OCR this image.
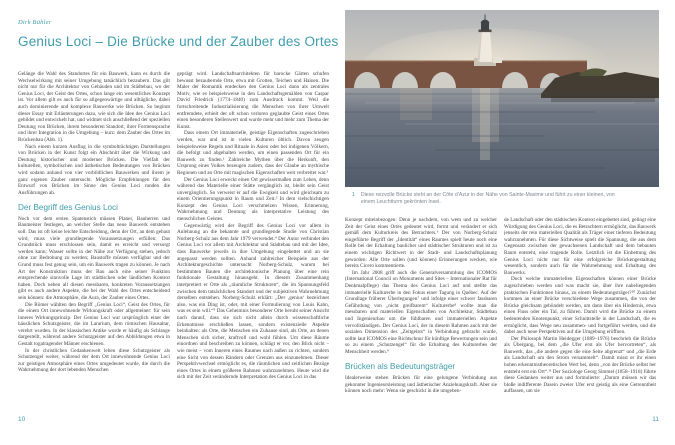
Dirk Bühler
Genius Loci – Die Brücke und der Zauber des Ortes

Gelänge die Wahl des Standortes für ein Bauwerk, kann es durch die Wechselwirkung mit seiner Umgebung tatsächlich bezaubern. Das gilt nicht nur für die Architektur von Gebäuden und im Städtebau, wo der Genius Loci, der Geist des Ortes, schon lange ein wesentliches Konzept ist. Vor allem gilt es auch für so allgegenwärtige und alltägliche, dabei auch dominierende und komplexe Bauwerke wie Brücken. So beginnt dieser Essay mit Erläuterungen dazu, wie sich die Idee des Genius Loci gebildet und entwickelt hat, und widmet sich anschließend der speziellen Deutung von Brücken, ihrem besonderen Standort, ihrer Formensprache und ihrer Integration in die Umgebung – kurz: dem Zauber des Ortes im Brückenbau (Abb. 1).

Nach einem kurzen Ausflug in die symbolträchtigen Darstellungen von Brücken in der Kunst folgt ein Abschnitt über die Wirkung und Deutung historischer und moderner Brücken. Die Vielfalt der kulturellen, symbolischen und ästhetischen Bedeutungen von Brücken wird sodann anhand von vier vorbildlichen Bauwerken und ihrem je ganz eigenen Zauber untersucht. Mögliche Empfehlungen für den Entwurf von Brücken im Sinne des Genius Loci runden die Ausführungen ab.

Der Begriff des Genius Loci

Noch vor dem ersten Spatenstich müssen Planer, Bauherren und Baumeister festlegen, an welcher Stelle das neue Bauwerk entstehen soll. Das ist oft keine leichte Entscheidung, denn der Ort, an dem gebaut wird, muss viele grundlegende Voraussetzungen erfüllen: Das Grundstück muss erschlossen sein, damit es erreicht und versorgt werden kann; Wasser sollte in der Nähe zur Verfügung stehen, jedoch ohne zur Bedrohung zu werden; Baustoffe müssen verfügbar und der Grund muss fest genug sein, um ein Bauwerk tragen zu können. Je nach Art der Konstruktion muss der Bau auch eine seiner Funktion entsprechende sinnvolle Lage im städtischen oder ländlichen Kontext haben. Doch neben all diesen messbaren, konkreten Voraussetzungen gibt es auch andere Aspekte, die bei der Wahl des Ortes entscheidend sein können: die Atmosphäre, die Aura, der Zauber eines Ortes.

Die Römer wählten den Begriff „Genius Loci“, Geist des Ortes, für die einem Ort innewohnende Wirkungskraft oder allgemeiner: für sein inneres Wirkungsprinzip. Der Genius Loci war ursprünglich einer der häuslichen Schutzgeister, die im Lararium, dem römischen Hausaltar, verehrt wurden. In der klassischen Antike wurde er häufig als Schlange dargestellt, während andere Schutzgeister auf den Abbildungen etwa in Gestalt togatragender Männer erschienen.

In der christlichen Gedankenwelt leben diese Schutzgeister als Schutzengel weiter, während der dem Ort innewohnende Genius Loci zur geistigen Atmosphäre eines Ortes umgedeutet wurde, die durch die Wahrnehmung der dort lebenden Menschen

geprägt wird. Landschaftsarchitekten für barocke Gärten schufen bewusst bezaubernde Orte, etwa mit Grotten, Teichen und Hainen. Die Maler der Romantik entdecken den Genius Loci dann als zentrales Motiv, wie es beispielsweise in den Landschaftsgemälden von Caspar David Friedrich (1774–1840) zum Ausdruck kommt. Weil die fortschreitende Industrialisierung die Menschen von ihrer Umwelt entfremdete, erhielt der oft schon verloren geglaubte Geist eines Ortes einen besonderen Stellenwert und wurde mehr und mehr zum Thema der Kunst.

Dass einem Ort immaterielle, geistige Eigenschaften zugeschrieben werden, war und ist in vielen Kulturen üblich. Davon zeugen beispielsweise Regeln und Rituale in Asien oder bei indigenen Völkern, die befolgt und abgehalten werden, um einen passenden Ort für ein Bauwerk zu finden.¹ Zahlreiche Mythen über die Herkunft, den Ursprung eines Volkes bezeugen zudem, dass der Glaube an mythische Regionen und an Orte mit magischen Eigenschaften weit verbreitet war.²

Der Genius Loci erweckt einen Ort gewissermaßen zum Leben, denn während das Materielle einer Stätte vergänglich ist, bleibt sein Geist unvergänglich. So verweist er auf die Ewigkeit und wird gleichsam zu einem Orientierungspunkt in Raum und Zeit.³ In dem vielschichtigen Konzept des Genius Loci verschmelzen Wissen, Erinnerung, Wahrnehmung und Deutung als interpretative Leistung des menschlichen Geistes.

Gegenwärtig wird der Begriff des Genius Loci vor allem in Anlehnung an die bekannte und grundlegende Studie von Christian Norberg-Schulz aus dem Jahr 1979 verwendet.⁴ Der Autor verbindet den Genius Loci vor allem mit Architektur und Städtebau und mit der Idee, dass Bauwerke jeweils in ihre Umgebung eingebettet und an sie angepasst werden sollten. Anhand zahlreicher Beispiele aus der Architekturgeschichte untersucht Norberg-Schulz, warum bei bestimmten Bauten die architektonische Planung über eine rein funktionale Gestaltung hinausgeht. In diesem Zusammenhang interpretiert er Orte als „räumliche Strukturen“, die im Spannungsfeld zwischen dem tatsächlichen Standort und der subjektiven Wahrnehmung derselben entstehen. Norberg-Schulz erklärt: „Der ‚genius‘ bezeichnet also, was ein Ding ist, oder, mit einer Formulierung von Louis Kahn, was es sein will.“⁵ Das Geheimnis besonderer Orte beruht seiner Ansicht nach darauf, dass sie sich nicht allein durch wissenschaftliche Erkenntnisse erschließen lassen, sondern existenzielle Aspekte beinhalten: als Orte, die Menschen ein Zuhause sind, als Orte, an denen Menschen sich sicher, kraftvoll und wohl fühlen. Um diese Räume einordnen und beschreiben zu können, schlägt er vor, den Blick nicht – wie meist – vom Inneren eines Raumes nach außen zu richten, sondern eine Sicht von dessen Rändern oder Grenzen aus einzunehmen. Dieser Perspektivwechsel ermöglicht es, die räumlichen und zeitlichen Bezüge eines Ortes in einem größeren Rahmen wahrzunehmen. Heute wird die sich mit der Zeit verändernde Interpretation des Genius Loci in das

10
1 Diese reizvolle Brücke steht an der Côte d’Azur in der Nähe von Sainte-Maxime und führt zu einer kleinen, von einem Leuchtturm gekrönten Insel.

Konzept miteinbezogen: Denn je nachdem, von wem und zu welcher Zeit der Geist eines Ortes gedeutet wird, formt und verändert er sich gemäß dem Kulturkreis des Betrachters.⁶ Der von Norberg-Schulz eingeführte Begriff der „Identität“ eines Raumes spielt heute noch eine Rolle bei der Erhaltung baulicher und städtischer Strukturen und ist zu einem wichtigen Richtwert in der Stadt- und Landschaftsplanung geworden: Alle Orte sollen (und können) Erinnerungen wecken, wie bereits Cicero kommentierte.

Im Jahr 2008 griff auch die Generalversammlung des ICOMOS (International Council on Monuments and Sites – Internationaler Rat für Denkmalpflege) das Thema des Genius Loci auf und stellte das immaterielle Kulturerbe in den Fokus einer Tagung in Québec. Auf der Grundlage früherer Überlegungen⁷ und infolge einer schwer fassbaren Gefährdung von „nicht greifbarem“ Kulturerbe⁸ wollte man die messbaren und materiellen Eigenschaften von Architektur, Städtebau und Ingenieurbau um die fühlbaren und immateriellen Aspekte vervollständigen. Der Genius Loci, der in diesem Rahmen auch mit der sozialen Dimension des „Zeitgeists“ in Verbindung gebracht wurde, sollte laut ICOMOS eine Richtschnur für künftige Bewertungen sein und so zu einem „Schutzengel“ für die Erhaltung des Kulturerbes der Menschheit werden.⁹

Brücken als Bedeutungsträger

Idealerweise stehen Brücken für eine gelungene Verbindung aus gekonnter Ingenieursleistung und ästhetischer Anziehungskraft. Aber sie können noch mehr: Wenn sie geschickt in die umgeben-

de Landschaft oder den städtischen Kontext eingebettet sind, gelingt eine Würdigung des Genius Loci, die es Betrachtern ermöglicht, das Bauwerk jenseits der rein materiellen Qualität als Träger einer tieferen Bedeutung wahrzunehmen. Für diese Sichtweise spielt die Spannung, die aus dem Gegensatz zwischen der gewachsenen Landschaft und dem bebauten Raum entsteht, eine tragende Rolle. Letztlich ist die Einbettung des Genius Loci nicht nur für eine erfolgreiche Brückengestaltung wesentlich, sondern auch für die Wahrnehmung und Erhaltung des Bauwerks.

Doch welche immateriellen Eigenschaften können einer Brücke zugeschrieben werden und was macht sie, über ihre naheliegenden praktischen Funktionen hinaus, zu einem Bedeutungsträger?¹⁰ Zunächst kommen an einer Brücke verschiedene Wege zusammen, die von der Brücke gleichsam gebündelt werden, um dann über ein Hindernis, etwa einen Fluss oder ein Tal, zu führen. Damit wird die Brücke zu einem bedeutenden Knotenpunkt, einer Schnittstelle in der Landschaft, die es ermöglicht, dass Wege neu zusammen- und fortgeführt werden, und die dabei auch neue Perspektiven auf die Umgebung eröffnen.

Der Philosoph Martin Heidegger (1889–1976) beschrieb die Brücke als Übergang, bei dem „die Ufer erst als Ufer hervortreten“, als Bauwerk, das „die andere gegen die eine Seite abgrenzt“ und „die Erde als Landschaft um den Strom versammelt“. Damit misst er ihr einen hohen erkenntnistheoretischen Wert bei, denn „von der Brücke selbst her entsteht erst ein Ort“.¹¹ Der Soziologe Georg Simmel (1858–1918) führte diese Gedanken weiter aus und formulierte: „Darum müssen wir das bloße indifferente Dasein zweier Ufer erst geistig als eine Getrenntheit auffassen, um sie

11
